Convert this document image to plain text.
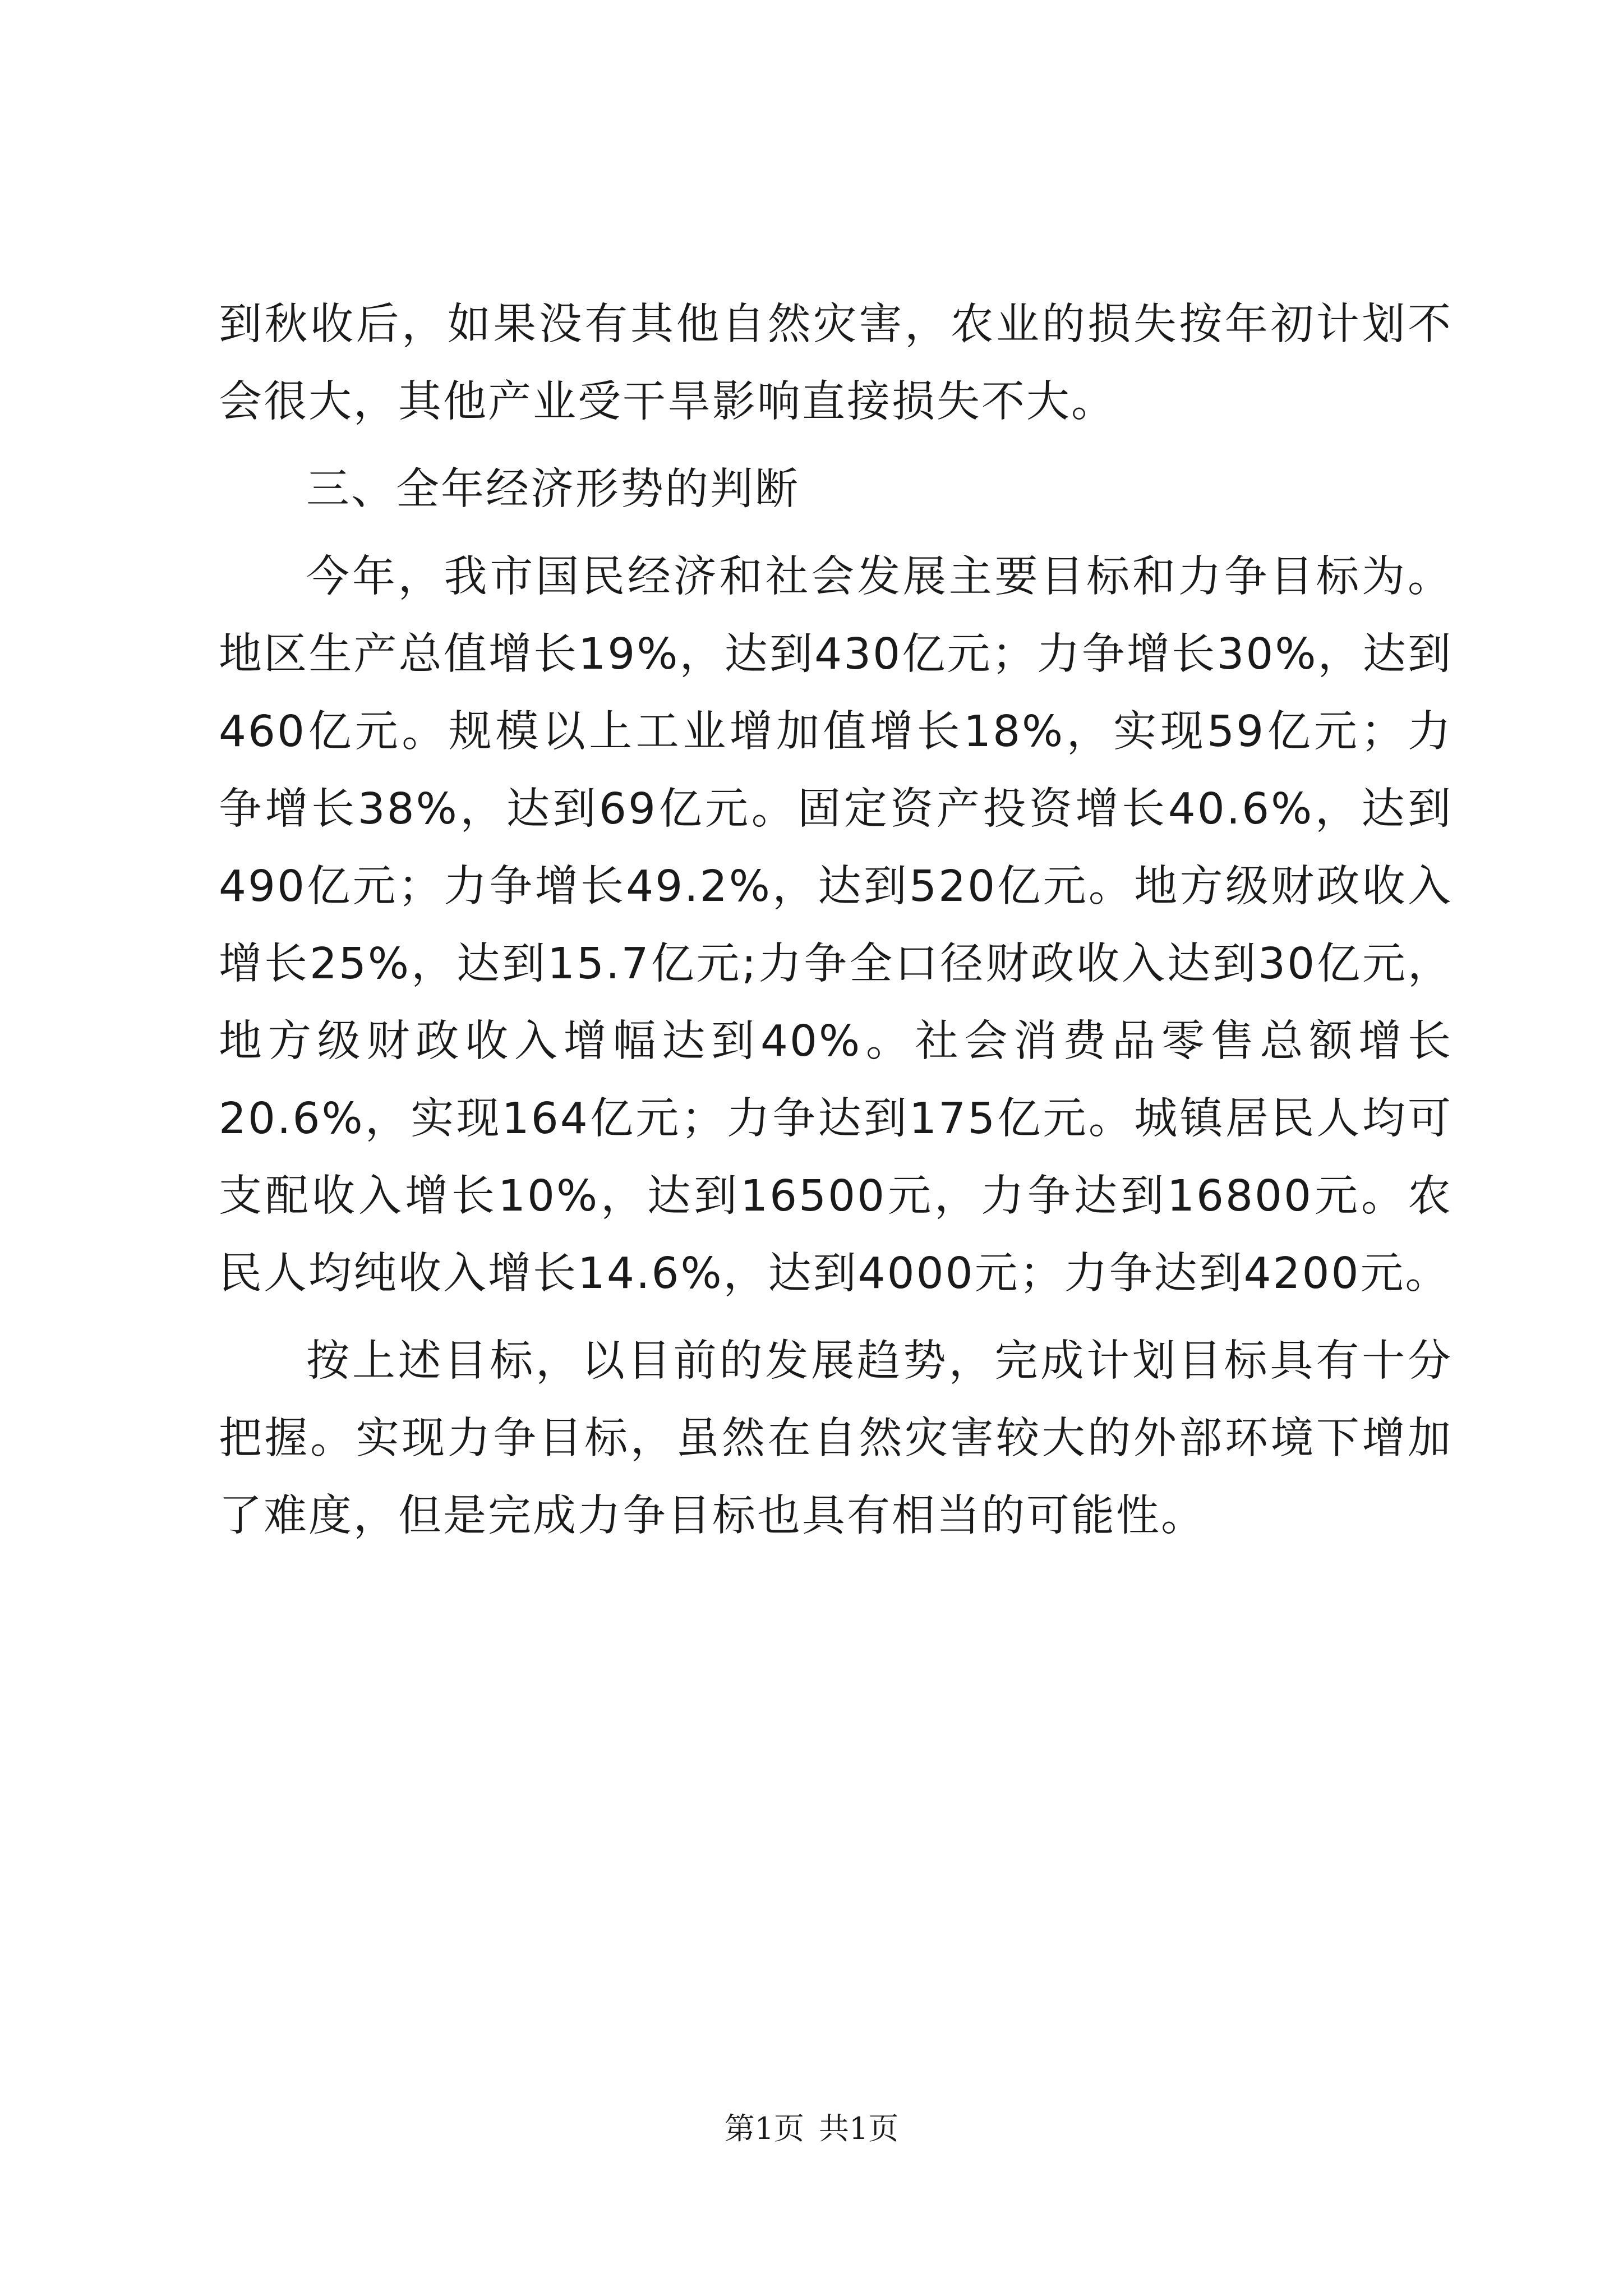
到秋收后，如果没有其他自然灾害，农业的损失按年初计划不会很大，其他产业受干旱影响直接损失不大。

三、全年经济形势的判断

今年，我市国民经济和社会发展主要目标和力争目标为。地区生产总值增长19%，达到430亿元；力争增长30%，达到460亿元。规模以上工业增加值增长18%，实现59亿元；力争增长38%，达到69亿元。固定资产投资增长40.6%，达到490亿元；力争增长49.2%，达到520亿元。地方级财政收入增长25%，达到15.7亿元;力争全口径财政收入达到30亿元，地方级财政收入增幅达到40%。社会消费品零售总额增长20.6%，实现164亿元；力争达到175亿元。城镇居民人均可支配收入增长10%，达到16500元，力争达到16800元。农民人均纯收入增长14.6%，达到4000元；力争达到4200元。

按上述目标，以目前的发展趋势，完成计划目标具有十分把握。实现力争目标，虽然在自然灾害较大的外部环境下增加了难度，但是完成力争目标也具有相当的可能性。

第1页 共1页
